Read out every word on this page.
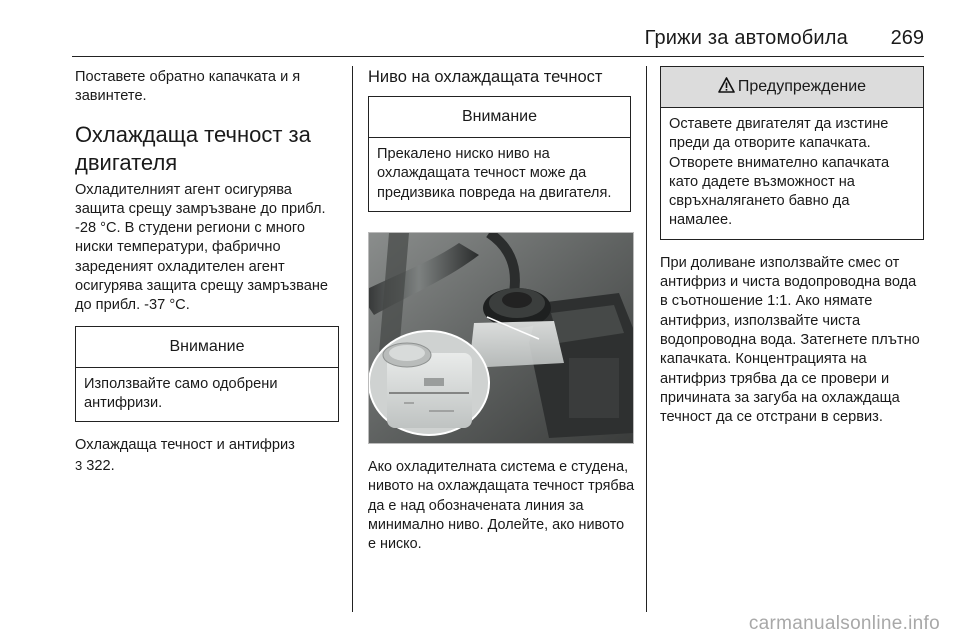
Грижи за автомобила 269

Поставете обратно капачката и я завинтете.

Охлаждаща течност за двигателя

Охладителният агент осигурява защита срещу замръзване до прибл. -28 °C. В студени региони с много ниски температури, фабрично зареденият охладителен агент осигурява защита срещу замръзване до прибл. -37 °C.

Внимание
Използвайте само одобрени антифризи.

Охлаждаща течност и антифриз
3 322.

Ниво на охлаждащата течност
Внимание
Прекалено ниско ниво на охлаждащата течност може да предизвика повреда на двигателя.

Ако охладителната система е студена, нивото на охлаждащата течност трябва да е над обозначената линия за минимално ниво. Долейте, ако нивото е ниско.

Предупреждение
Оставете двигателят да изстине преди да отворите капачката. Отворете внимателно капачката като дадете възможност на свръхналягането бавно да намалее.

При доливане използвайте смес от антифриз и чиста водопроводна вода в съотношение 1:1. Ако нямате антифриз, използвайте чиста водопроводна вода. Затегнете плътно капачката. Концентрацията на антифриз трябва да се провери и причината за загуба на охлаждаща течност да се отстрани в сервиз.

carmanualsonline.info
